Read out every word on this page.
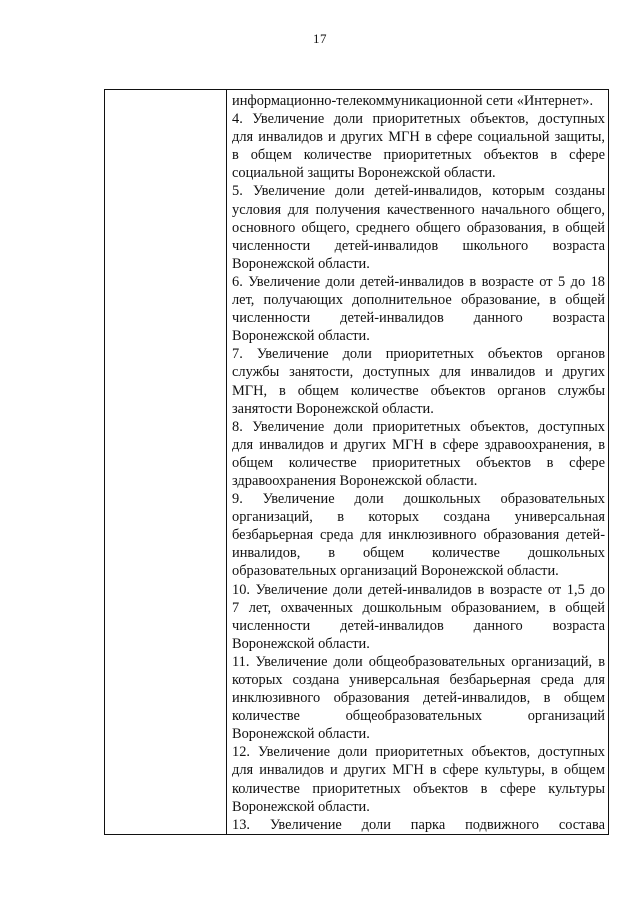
17

информационно-телекоммуникационной сети «Интернет».
4. Увеличение доли приоритетных объектов, доступных
для инвалидов и других МГН в сфере социальной защиты,
в общем количестве приоритетных объектов в сфере
социальной защиты Воронежской области.
5. Увеличение доли детей-инвалидов, которым созданы
условия для получения качественного начального общего,
основного общего, среднего общего образования, в общей
численности детей-инвалидов школьного возраста
Воронежской области.
6. Увеличение доли детей-инвалидов в возрасте от 5 до 18
лет, получающих дополнительное образование, в общей
численности детей-инвалидов данного возраста
Воронежской области.
7. Увеличение доли приоритетных объектов органов
службы занятости, доступных для инвалидов и других
МГН, в общем количестве объектов органов службы
занятости Воронежской области.
8. Увеличение доли приоритетных объектов, доступных
для инвалидов и других МГН в сфере здравоохранения, в
общем количестве приоритетных объектов в сфере
здравоохранения Воронежской области.
9. Увеличение доли дошкольных образовательных
организаций, в которых создана универсальная
безбарьерная среда для инклюзивного образования детей-
инвалидов, в общем количестве дошкольных
образовательных организаций Воронежской области.
10. Увеличение доли детей-инвалидов в возрасте от 1,5 до
7 лет, охваченных дошкольным образованием, в общей
численности детей-инвалидов данного возраста
Воронежской области.
11. Увеличение доли общеобразовательных организаций, в
которых создана универсальная безбарьерная среда для
инклюзивного образования детей-инвалидов, в общем
количестве общеобразовательных организаций
Воронежской области.
12. Увеличение доли приоритетных объектов, доступных
для инвалидов и других МГН в сфере культуры, в общем
количестве приоритетных объектов в сфере культуры
Воронежской области.
13. Увеличение доли парка подвижного состава
